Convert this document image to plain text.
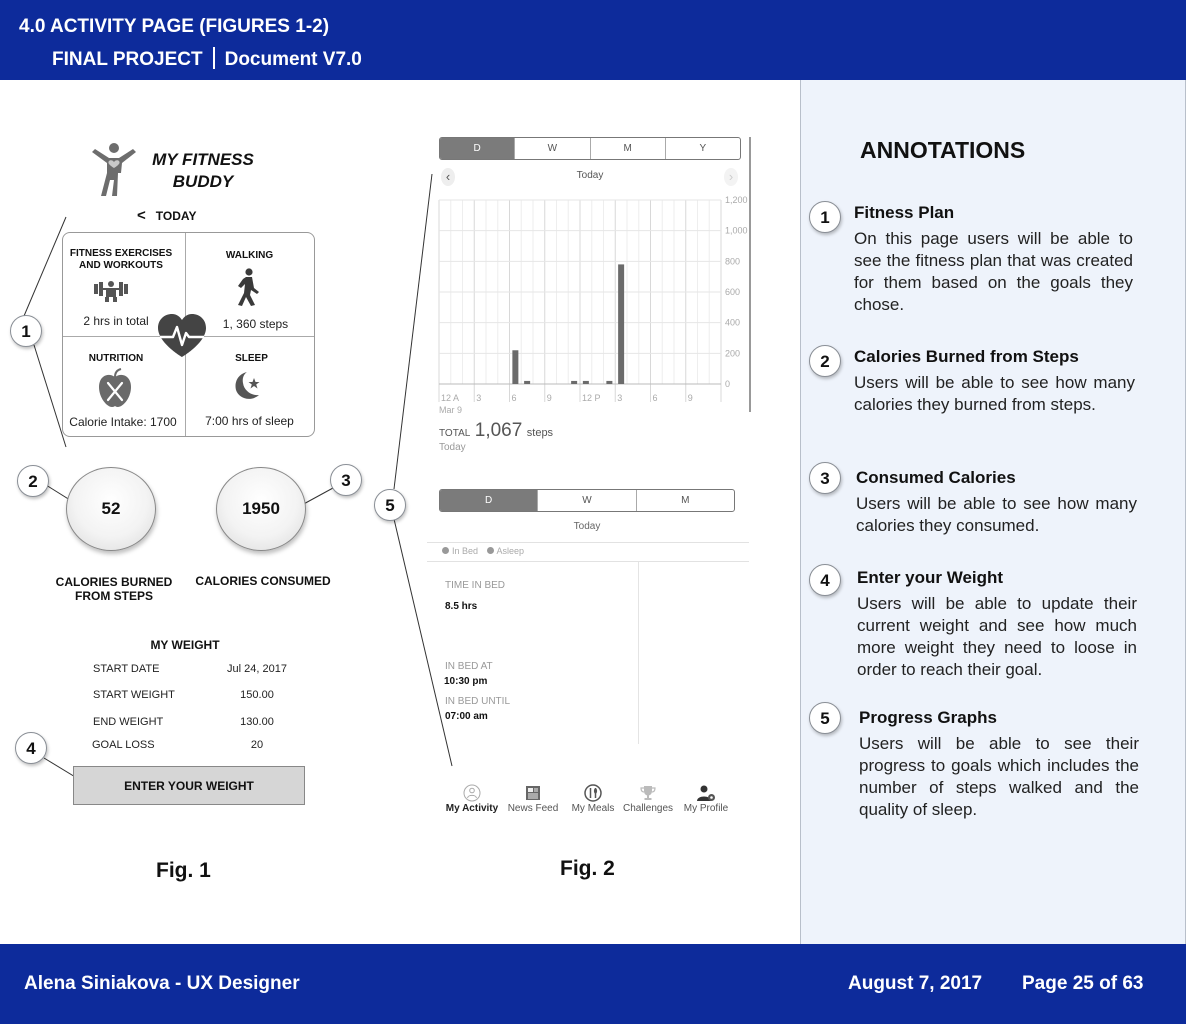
4.0 ACTIVITY PAGE (FIGURES 1-2)
FINAL PROJECT Document V7.0
1
2	3
4
5
MY FITNESS BUDDY
< TODAY
FITNESS EXERCISES AND WORKOUTS
2 hrs in total
WALKING
1, 360 steps
NUTRITION
Calorie Intake: 1700
SLEEP
7:00 hrs of sleep
52	1950
CALORIES BURNED FROM STEPS
CALORIES CONSUMED
MY WEIGHT
START DATE	Jul 24, 2017
START WEIGHT	150.00
END WEIGHT	130.00
GOAL LOSS	20
ENTER YOUR WEIGHT
Fig. 1
D	W	M	Y
‹	›
Today
0
200
400
600
800
1,000
1,200
12 A 3	6	9	12 P 3	6	9
Mar 9
TOTAL 1,067 steps
Today
D	W	M
Today
In Bed Asleep
TIME IN BED
8.5 hrs
IN BED AT
10:30 pm
IN BED UNTIL
07:00 am
My Activity News Feed	My Meals Challenges	My Profile
Fig. 2
ANNOTATIONS
1	Fitness Plan
On this page users will be able to see the fitness plan that was created for them based on the goals they chose.
2	Calories Burned from Steps
Users will be able to see how many calories they burned from steps.
3	Consumed Calories
Users will be able to see how many calories they consumed.
4	Enter your Weight
Users will be able to update their current weight and see how much more weight they need to loose in order to reach their goal.
5	Progress Graphs
Users will be able to see their progress to goals which includes the number of steps walked and the quality of sleep.
Alena Siniakova - UX Designer	August 7, 2017 Page 25 of 63
